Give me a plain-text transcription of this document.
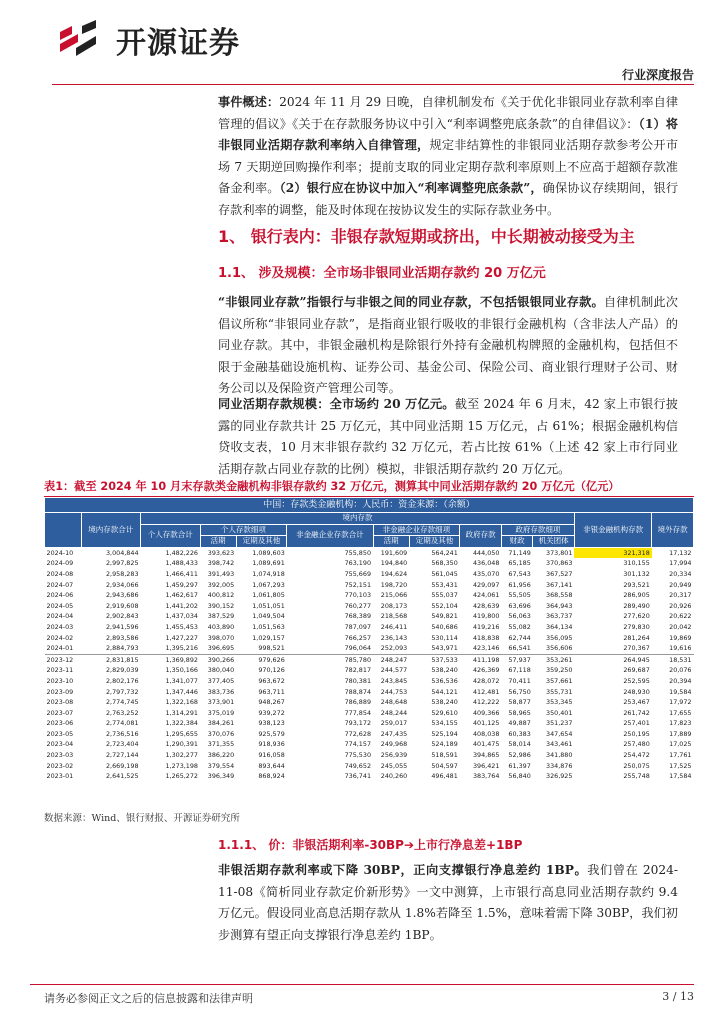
开源证券
行业深度报告
事件概述：2024 年 11 月 29 日晚，自律机制发布《关于优化非银同业存款利率自律管理的倡议》《关于在存款服务协议中引入“利率调整兜底条款”的自律倡议》：（1）将非银同业活期存款利率纳入自律管理，规定非结算性的非银同业活期存款参考公开市场 7 天期逆回购操作利率；提前支取的同业定期存款利率原则上不应高于超额存款准备金利率。（2）银行应在协议中加入“利率调整兜底条款”，确保协议存续期间，银行存款利率的调整，能及时体现在按协议发生的实际存款业务中。
1、 银行表内：非银存款短期或挤出，中长期被动接受为主
1.1、 涉及规模：全市场非银同业活期存款约 20 万亿元
“非银同业存款”指银行与非银之间的同业存款，不包括银银同业存款。自律机制此次倡议所称“非银同业存款”，是指商业银行吸收的非银行金融机构（含非法人产品）的同业存款。其中，非银金融机构是除银行外持有金融机构牌照的金融机构，包括但不限于金融基础设施机构、证券公司、基金公司、保险公司、商业银行理财子公司、财务公司以及保险资产管理公司等。
同业活期存款规模：全市场约 20 万亿元。截至 2024 年 6 月末，42 家上市银行披露的同业存款共计 25 万亿元，其中同业活期 15 万亿元，占 61%；根据金融机构信贷收支表，10 月末非银存款约 32 万亿元，若占比按 61%（上述 42 家上市行同业活期存款占同业存款的比例）模拟，非银活期存款约 20 万亿元。
表1：截至 2024 年 10 月末存款类金融机构非银存款约 32 万亿元，测算其中同业活期存款约 20 万亿元（亿元）
中国：存款类金融机构：人民币：资金来源：（余额）												
	境内存款合计	境内存款									非银金融机构存款	境外存款
		个人存款合计	个人存款细项		非金融企业存款合计	非金融企业存款细项		政府存款	政府存款细项			
			活期	定期及其他		活期	定期及其他		财政	机关团体		
2024-10	3,004,844	1,482,226	393,623	1,089,603	755,850	191,609	564,241	444,050	71,149	373,801	321,318	17,132
2024-09	2,997,825	1,488,433	398,742	1,089,691	763,190	194,840	568,350	436,048	65,185	370,863	310,155	17,994
2024-08	2,958,283	1,466,411	391,493	1,074,918	755,669	194,624	561,045	435,070	67,543	367,527	301,132	20,334
2024-07	2,934,066	1,459,297	392,005	1,067,293	752,151	198,720	553,431	429,097	61,956	367,141	293,521	20,949
2024-06	2,943,686	1,462,617	400,812	1,061,805	770,103	215,066	555,037	424,061	55,505	368,558	286,905	20,317
2024-05	2,919,608	1,441,202	390,152	1,051,051	760,277	208,173	552,104	428,639	63,696	364,943	289,490	20,926
2024-04	2,902,843	1,437,034	387,529	1,049,504	768,389	218,568	549,821	419,800	56,063	363,737	277,620	20,622
2024-03	2,941,596	1,455,453	403,890	1,051,563	787,097	246,411	540,686	419,216	55,082	364,134	279,830	20,042
2024-02	2,893,586	1,427,227	398,070	1,029,157	766,257	236,143	530,114	418,838	62,744	356,095	281,264	19,869
2024-01	2,884,793	1,395,216	396,695	998,521	796,064	252,093	543,971	423,146	66,541	356,606	270,367	19,616
2023-12	2,831,815	1,369,892	390,266	979,626	785,780	248,247	537,533	411,198	57,937	353,261	264,945	18,531
2023-11	2,829,039	1,350,166	380,040	970,126	782,817	244,577	538,240	426,369	67,118	359,250	269,687	20,076
2023-10	2,802,176	1,341,077	377,405	963,672	780,381	243,845	536,536	428,072	70,411	357,661	252,595	20,394
2023-09	2,797,732	1,347,446	383,736	963,711	788,874	244,753	544,121	412,481	56,750	355,731	248,930	19,584
2023-08	2,774,745	1,322,168	373,901	948,267	786,889	248,648	538,240	412,222	58,877	353,345	253,467	17,972
2023-07	2,763,252	1,314,291	375,019	939,272	777,854	248,244	529,610	409,366	58,965	350,401	261,742	17,655
2023-06	2,774,081	1,322,384	384,261	938,123	793,172	259,017	534,155	401,125	49,887	351,237	257,401	17,823
2023-05	2,736,516	1,295,655	370,076	925,579	772,628	247,435	525,194	408,038	60,383	347,654	250,195	17,889
2023-04	2,723,404	1,290,391	371,355	918,936	774,157	249,968	524,189	401,475	58,014	343,461	257,480	17,025
2023-03	2,727,144	1,302,277	386,220	916,058	775,530	256,939	518,591	394,865	52,986	341,880	254,472	17,761
2023-02	2,669,198	1,273,198	379,554	893,644	749,652	245,055	504,597	396,421	61,397	334,876	250,075	17,525
2023-01	2,641,525	1,265,272	396,349	868,924	736,741	240,260	496,481	383,764	56,840	326,925	255,748	17,584
数据来源：Wind、银行财报、开源证券研究所
1.1.1、 价：非银活期利率-30BP➔上市行净息差+1BP
非银活期存款利率或下降 30BP，正向支撑银行净息差约 1BP。我们曾在 2024-11-08《简析同业存款定价新形势》一文中测算，上市银行高息同业活期存款约 9.4 万亿元。假设同业高息活期存款从 1.8%若降至 1.5%，意味着需下降 30BP，我们初步测算有望正向支撑银行净息差约 1BP。
请务必参阅正文之后的信息披露和法律声明	3 / 13
